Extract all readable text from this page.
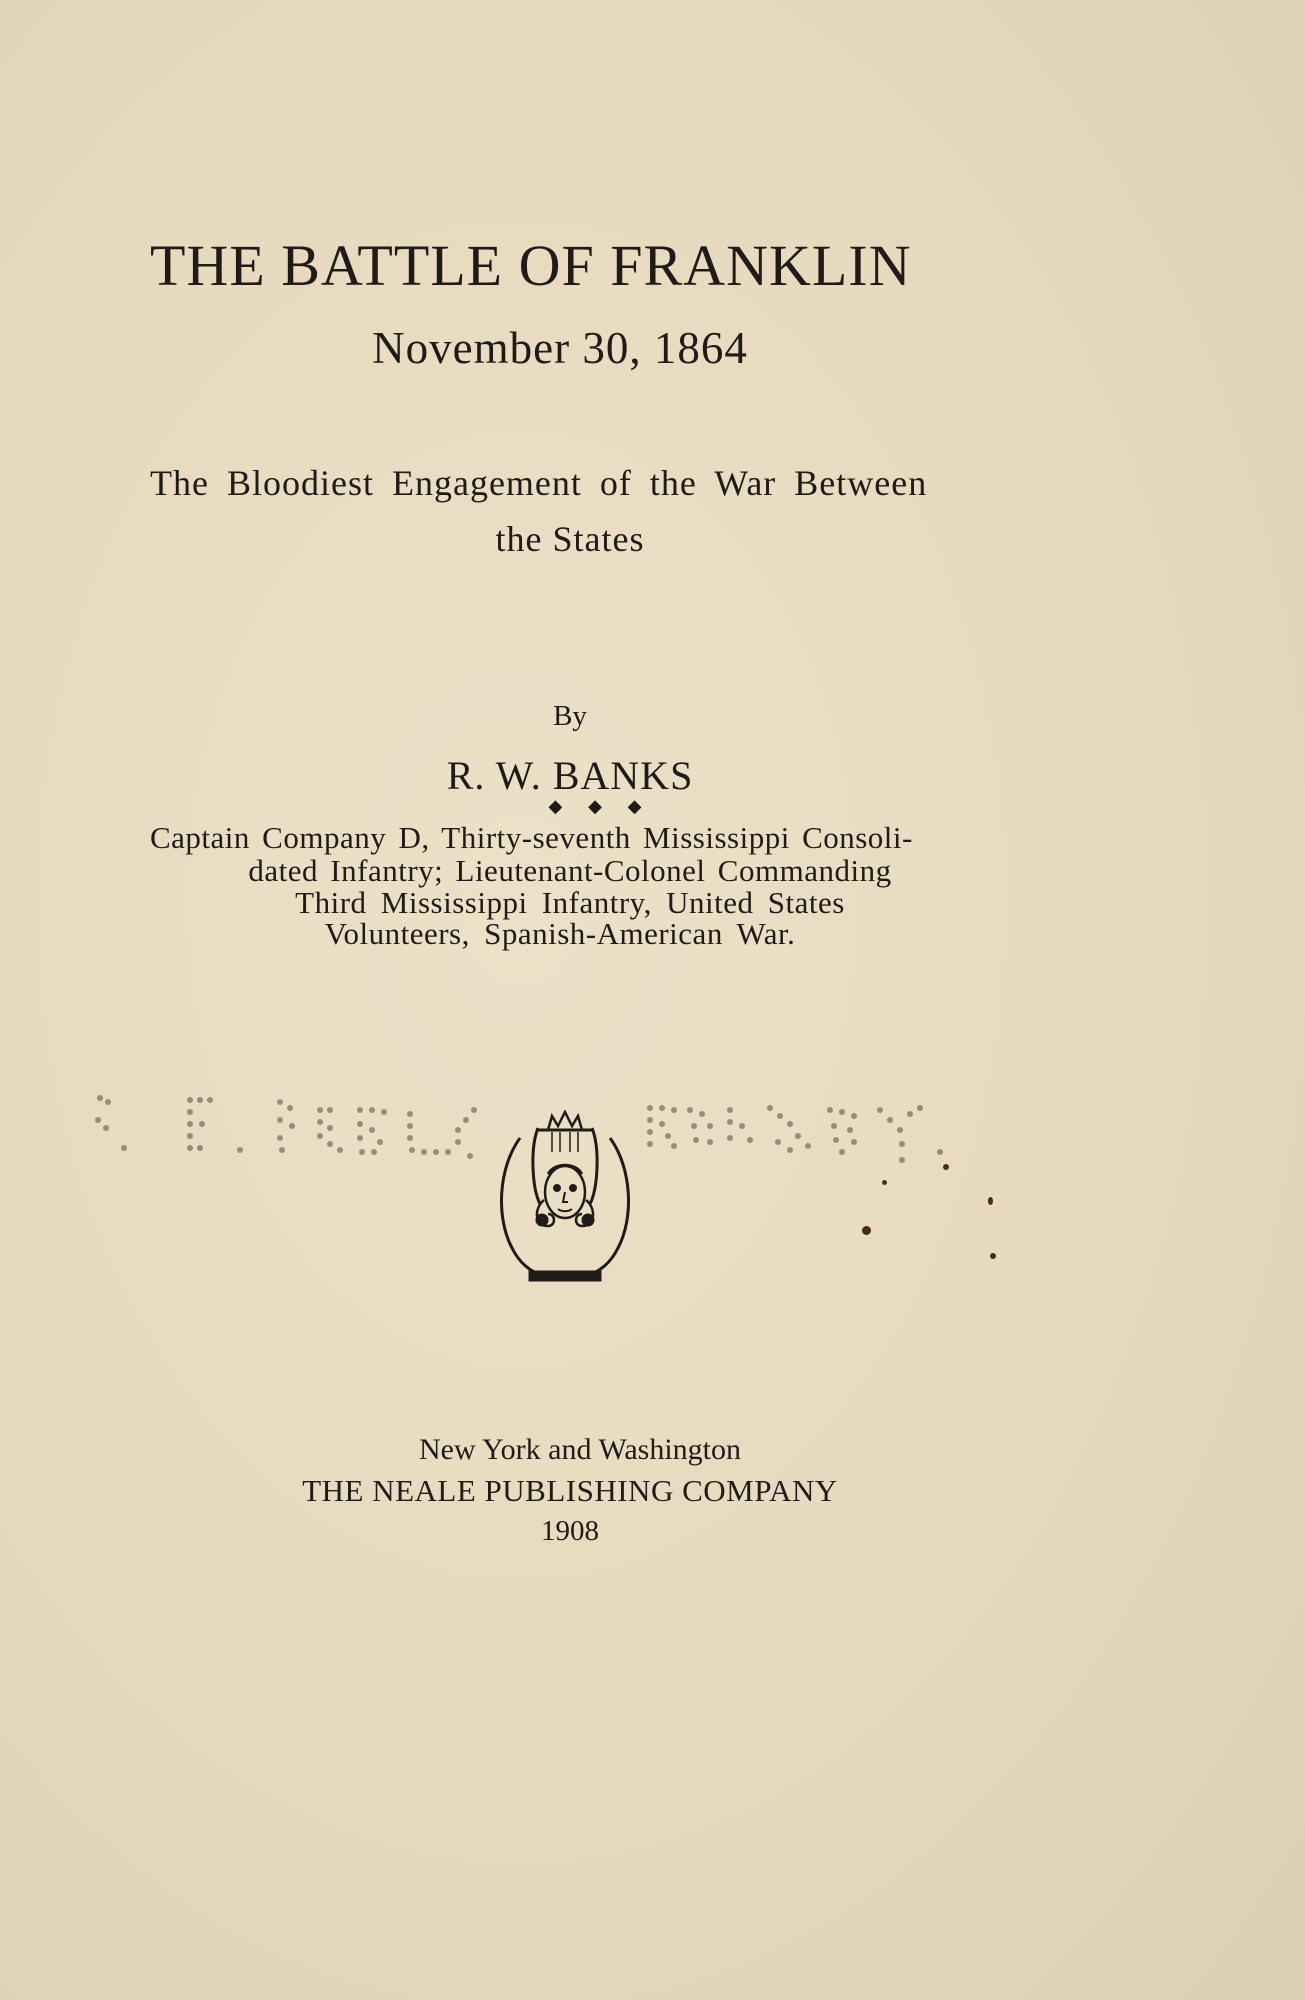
THE BATTLE OF FRANKLIN
November 30, 1864
The Bloodiest Engagement of the War Between
the States
By
R. W. BANKS
◆ ◆ ◆
Captain Company D, Thirty-seventh Mississippi Consoli-
dated Infantry; Lieutenant-Colonel Commanding
Third Mississippi Infantry, United States
Volunteers, Spanish-American War.
New York and Washington
THE NEALE PUBLISHING COMPANY
1908
